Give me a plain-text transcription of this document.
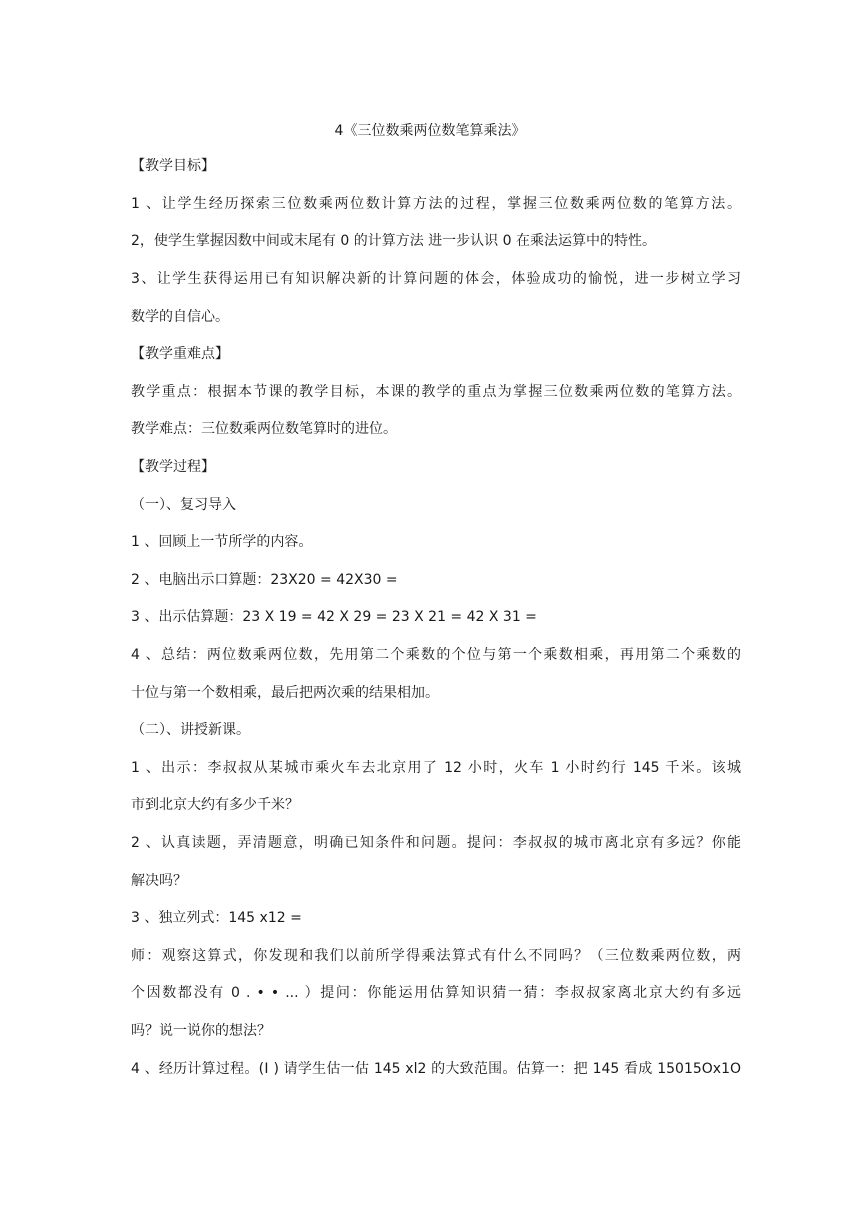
4《三位数乘两位数笔算乘法》
【教学目标】
1 、让学生经历探索三位数乘两位数计算方法的过程，掌握三位数乘两位数的笔算方法。
2，使学生掌握因数中间或末尾有 0 的计算方法 进一步认识 0 在乘法运算中的特性。
3、让学生获得运用已有知识解决新的计算问题的体会，体验成功的愉悦，进一步树立学习
数学的自信心。
【教学重难点】
教学重点：根据本节课的教学目标，本课的教学的重点为掌握三位数乘两位数的笔算方法。
教学难点：三位数乘两位数笔算时的进位。
【教学过程】
（一）、复习导入
1 、回顾上一节所学的内容。
2 、电脑出示口算题：23X20 = 42X30 =
3 、出示估算题：23 X 19 = 42 X 29 = 23 X 21 = 42 X 31 =
4 、总结：两位数乘两位数，先用第二个乘数的个位与第一个乘数相乘，再用第二个乘数的
十位与第一个数相乘，最后把两次乘的结果相加。
（二）、讲授新课。
1 、出示：李叔叔从某城市乘火车去北京用了 12 小时，火车 1 小时约行 145 千米。该城
市到北京大约有多少千米？
2 、认真读题，弄清题意，明确已知条件和问题。提问：李叔叔的城市离北京有多远？你能
解决吗？
3 、独立列式：145 x12 =
师：观察这算式，你发现和我们以前所学得乘法算式有什么不同吗？（三位数乘两位数，两
个因数都没有 0 . • • ... ）提问：你能运用估算知识猜一猜：李叔叔家离北京大约有多远
吗？说一说你的想法？
4 、经历计算过程。(Ⅰ ) 请学生估一估 145 xl2 的大致范围。估算一：把 145 看成 15015Ox1O
